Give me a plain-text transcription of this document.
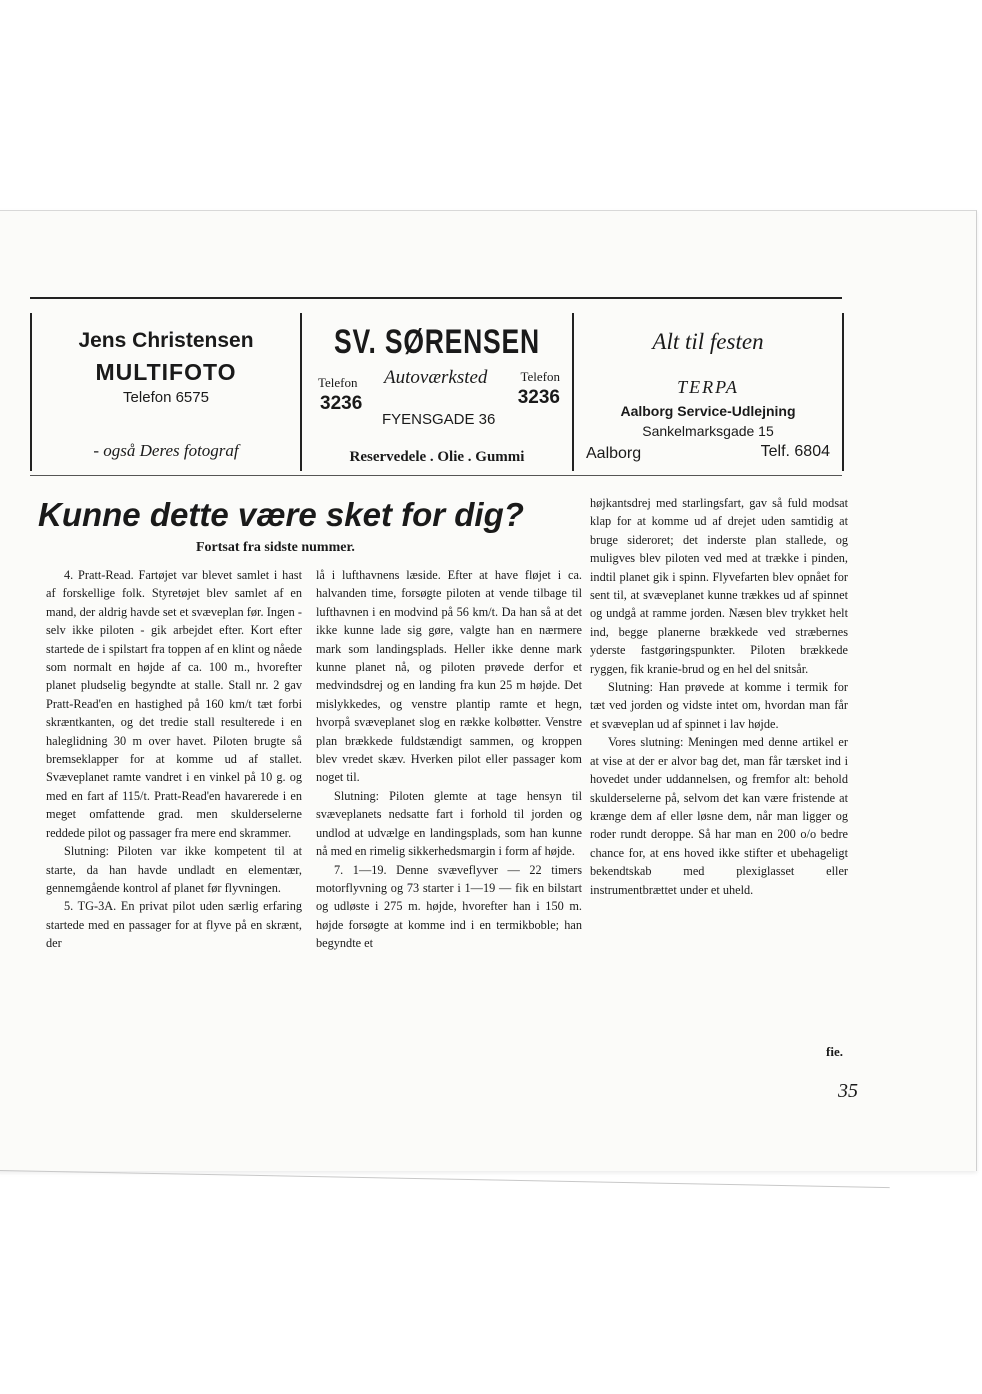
Jens Christensen
MULTIFOTO
Telefon 6575
- også Deres fotograf
SV. SØRENSEN
Telefon Autoværksted	Telefon
3236	3236
FYENSGADE 36
Reservedele . Olie . Gummi
Alt til festen
TERPA
Aalborg Service-Udlejning
Sankelmarksgade 15
Aalborg	Telf. 6804
Kunne dette være sket for dig?
Fortsat fra sidste nummer.

4. Pratt-Read. Fartøjet var blevet samlet i hast af forskellige folk. Styretøjet blev samlet af en mand, der aldrig havde set et svæveplan før. Ingen - selv ikke piloten - gik arbejdet efter. Kort efter startede de i spilstart fra toppen af en klint og nåede som normalt en højde af ca. 100 m., hvorefter planet pludselig begyndte at stalle. Stall nr. 2 gav Pratt-Read'en en hastighed på 160 km/t tæt forbi skræntkanten, og det tredie stall resulterede i en haleglidning 30 m over havet. Piloten brugte så bremseklapper for at komme ud af stallet. Svæveplanet ramte vandret i en vinkel på 10 g. og med en fart af 115/t. Pratt-Read'en havarerede i en meget omfattende grad. men skulderselerne reddede pilot og passager fra mere end skrammer.

Slutning: Piloten var ikke kompetent til at starte, da han havde undladt en elementær, gennemgående kontrol af planet før flyvningen.

5. TG-3A. En privat pilot uden særlig erfaring startede med en passager for at flyve på en skrænt, der

lå i lufthavnens læside. Efter at have fløjet i ca. halvanden time, forsøgte piloten at vende tilbage til lufthavnen i en modvind på 56 km/t. Da han så at det ikke kunne lade sig gøre, valgte han en nærmere mark som landingsplads. Heller ikke denne mark kunne planet nå, og piloten prøvede derfor et medvindsdrej og en landing fra kun 25 m højde. Det mislykkedes, og venstre plantip ramte et hegn, hvorpå svæveplanet slog en række kolbøtter. Venstre plan brækkede fuldstændigt sammen, og kroppen blev vredet skæv. Hverken pilot eller passager kom noget til.

Slutning: Piloten glemte at tage hensyn til svæveplanets nedsatte fart i forhold til jorden og undlod at udvælge en landingsplads, som han kunne nå med en rimelig sikkerhedsmargin i form af højde.

7. 1—19. Denne svæveflyver — 22 timers motorflyvning og 73 starter i 1—19 — fik en bilstart og udløste i 275 m. højde, hvorefter han i 150 m. højde forsøgte at komme ind i en termikboble; han begyndte et

højkantsdrej med starlingsfart, gav så fuld modsat klap for at komme ud af drejet uden samtidig at bruge sideroret; det inderste plan stallede, og muligves blev piloten ved med at trække i pinden, indtil planet gik i spinn. Flyvefarten blev opnået for sent til, at svæveplanet kunne trækkes ud af spinnet og undgå at ramme jorden. Næsen blev trykket helt ind, begge planerne brækkede ved stræbernes yderste fastgøringspunkter. Piloten brækkede ryggen, fik kranie-brud og en hel del snitsår.

Slutning: Han prøvede at komme i termik for tæt ved jorden og vidste intet om, hvordan man får et svæveplan ud af spinnet i lav højde.

Vores slutning: Meningen med denne artikel er at vise at der er alvor bag det, man får tærsket ind i hovedet under uddannelsen, og fremfor alt: behold skulderselerne på, selvom det kan være fristende at krænge dem af eller løsne dem, når man ligger og roder rundt deroppe. Så har man en 200 o/o bedre chance for, at ens hoved ikke stifter et ubehageligt bekendtskab med plexiglasset eller instrumentbrættet under et uheld.

fie.
35
